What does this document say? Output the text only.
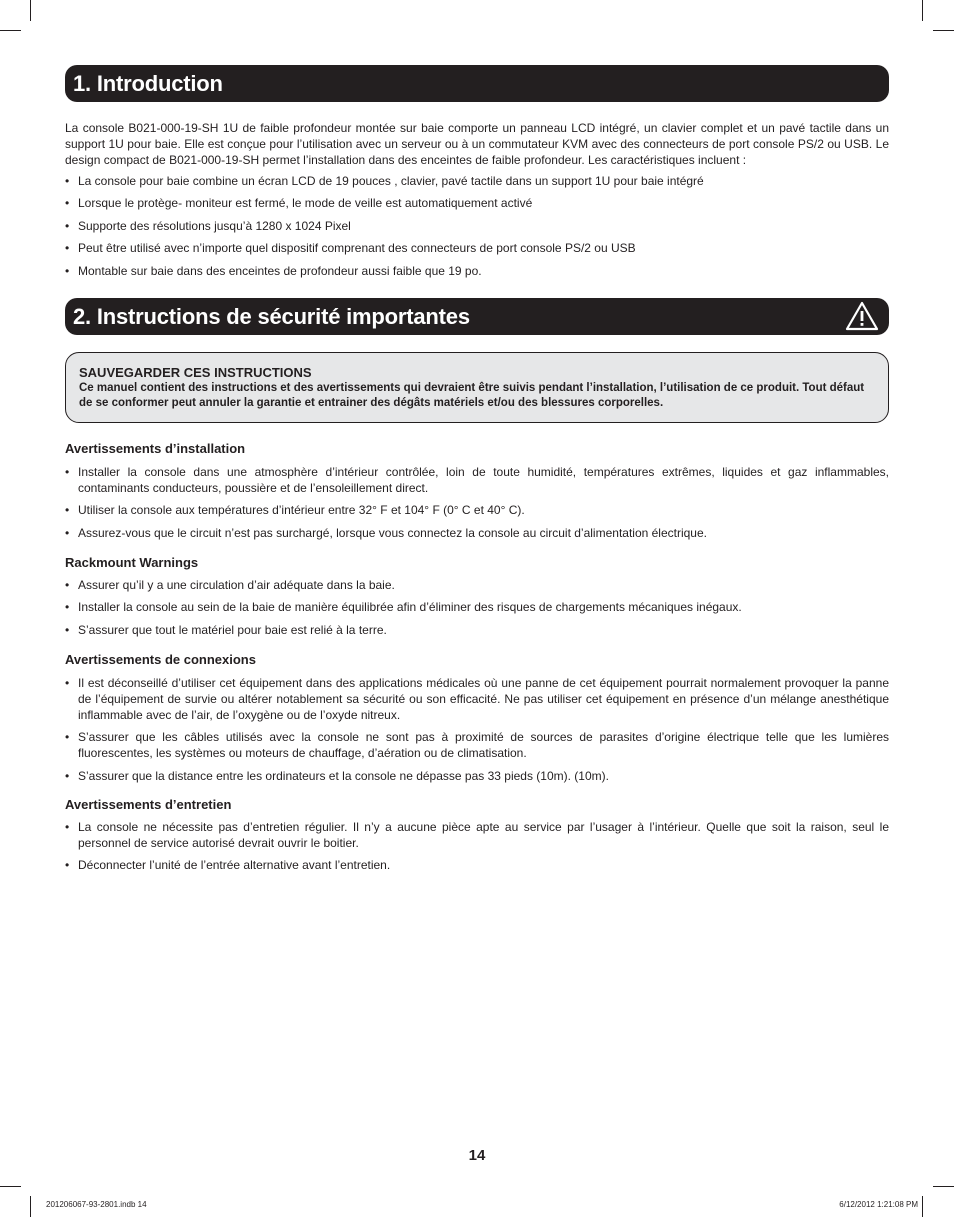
1. Introduction

La console B021-000-19-SH 1U de faible profondeur montée sur baie comporte un panneau LCD intégré, un clavier complet et un pavé tactile dans un support 1U pour baie. Elle est conçue pour l’utilisation avec un serveur ou à un commutateur KVM avec des connecteurs de port console PS/2 ou USB. Le design compact de B021-000-19-SH permet l’installation dans des enceintes de faible profondeur. Les caractéristiques incluent :

• La console pour baie combine un écran LCD de 19 pouces , clavier, pavé tactile dans un support 1U pour baie intégré
• Lorsque le protège- moniteur est fermé, le mode de veille est automatiquement activé
• Supporte des résolutions jusqu’à 1280 x 1024 Pixel
• Peut être utilisé avec n’importe quel dispositif comprenant des connecteurs de port console PS/2 ou USB
• Montable sur baie dans des enceintes de profondeur aussi faible que 19 po.
2. Instructions de sécurité importantes
SAUVEGARDER CES INSTRUCTIONS

Ce manuel contient des instructions et des avertissements qui devraient être suivis pendant l’installation, l’utilisation de ce produit. Tout défaut de se conformer peut annuler la garantie et entrainer des dégâts matériels et/ou des blessures corporelles.

Avertissements d’installation
• Installer la console dans une atmosphère d’intérieur contrôlée, loin de toute humidité, températures extrêmes, liquides et gaz inflammables, contaminants conducteurs, poussière et de l’ensoleillement direct.
• Utiliser la console aux températures d’intérieur entre 32° F et 104° F (0° C et 40° C).
• Assurez-vous que le circuit n’est pas surchargé, lorsque vous connectez la console au circuit d’alimentation électrique.
Rackmount Warnings
• Assurer qu’il y a une circulation d’air adéquate dans la baie.
• Installer la console au sein de la baie de manière équilibrée afin d’éliminer des risques de chargements mécaniques inégaux.
• S’assurer que tout le matériel pour baie est relié à la terre.
Avertissements de connexions
• Il est déconseillé d’utiliser cet équipement dans des applications médicales où une panne de cet équipement pourrait normalement provoquer la panne de l’équipement de survie ou altérer notablement sa sécurité ou son efficacité. Ne pas utiliser cet équipement en présence d’un mélange anesthétique inflammable avec de l’air, de l’oxygène ou de l’oxyde nitreux.
• S’assurer que les câbles utilisés avec la console ne sont pas à proximité de sources de parasites d’origine électrique telle que les lumières fluorescentes, les systèmes ou moteurs de chauffage, d’aération ou de climatisation.
• S’assurer que la distance entre les ordinateurs et la console ne dépasse pas 33 pieds (10m). (10m).
Avertissements d’entretien
• La console ne nécessite pas d’entretien régulier. Il n’y a aucune pièce apte au service par l’usager à l’intérieur. Quelle que soit la raison, seul le personnel de service autorisé devrait ouvrir le boitier.
• Déconnecter l’unité de l’entrée alternative avant l’entretien.
14
201206067-93-2801.indb 14	6/12/2012 1:21:08 PM
